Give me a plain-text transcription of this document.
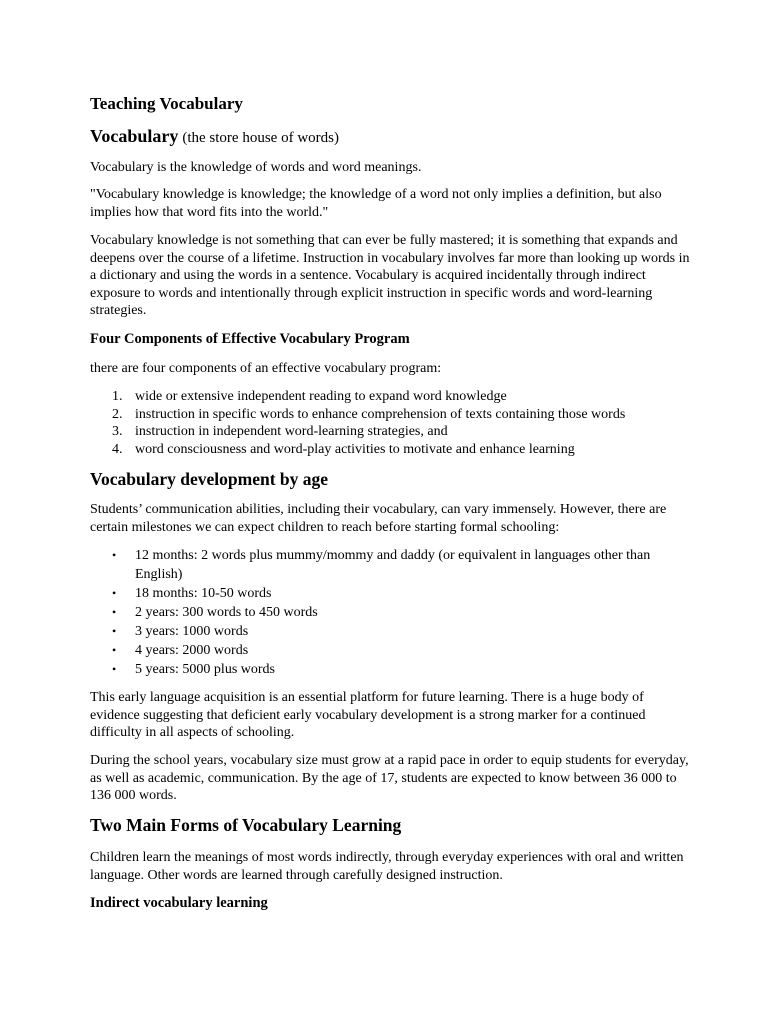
Teaching Vocabulary
Vocabulary (the store house of words)

Vocabulary is the knowledge of words and word meanings.

"Vocabulary knowledge is knowledge; the knowledge of a word not only implies a definition, but also implies how that word fits into the world."

Vocabulary knowledge is not something that can ever be fully mastered; it is something that expands and deepens over the course of a lifetime. Instruction in vocabulary involves far more than looking up words in a dictionary and using the words in a sentence. Vocabulary is acquired incidentally through indirect exposure to words and intentionally through explicit instruction in specific words and word-learning strategies.

Four Components of Effective Vocabulary Program

there are four components of an effective vocabulary program:

1. wide or extensive independent reading to expand word knowledge
2. instruction in specific words to enhance comprehension of texts containing those words
3. instruction in independent word-learning strategies, and
4. word consciousness and word-play activities to motivate and enhance learning

Vocabulary development by age

Students’ communication abilities, including their vocabulary, can vary immensely. However, there are certain milestones we can expect children to reach before starting formal schooling:

• 12 months: 2 words plus mummy/mommy and daddy (or equivalent in languages other than English)
• 18 months: 10-50 words
• 2 years: 300 words to 450 words
• 3 years: 1000 words
• 4 years: 2000 words
• 5 years: 5000 plus words

This early language acquisition is an essential platform for future learning. There is a huge body of evidence suggesting that deficient early vocabulary development is a strong marker for a continued difficulty in all aspects of schooling.

During the school years, vocabulary size must grow at a rapid pace in order to equip students for everyday, as well as academic, communication. By the age of 17, students are expected to know between 36 000 to 136 000 words.

Two Main Forms of Vocabulary Learning

Children learn the meanings of most words indirectly, through everyday experiences with oral and written language. Other words are learned through carefully designed instruction.

Indirect vocabulary learning
